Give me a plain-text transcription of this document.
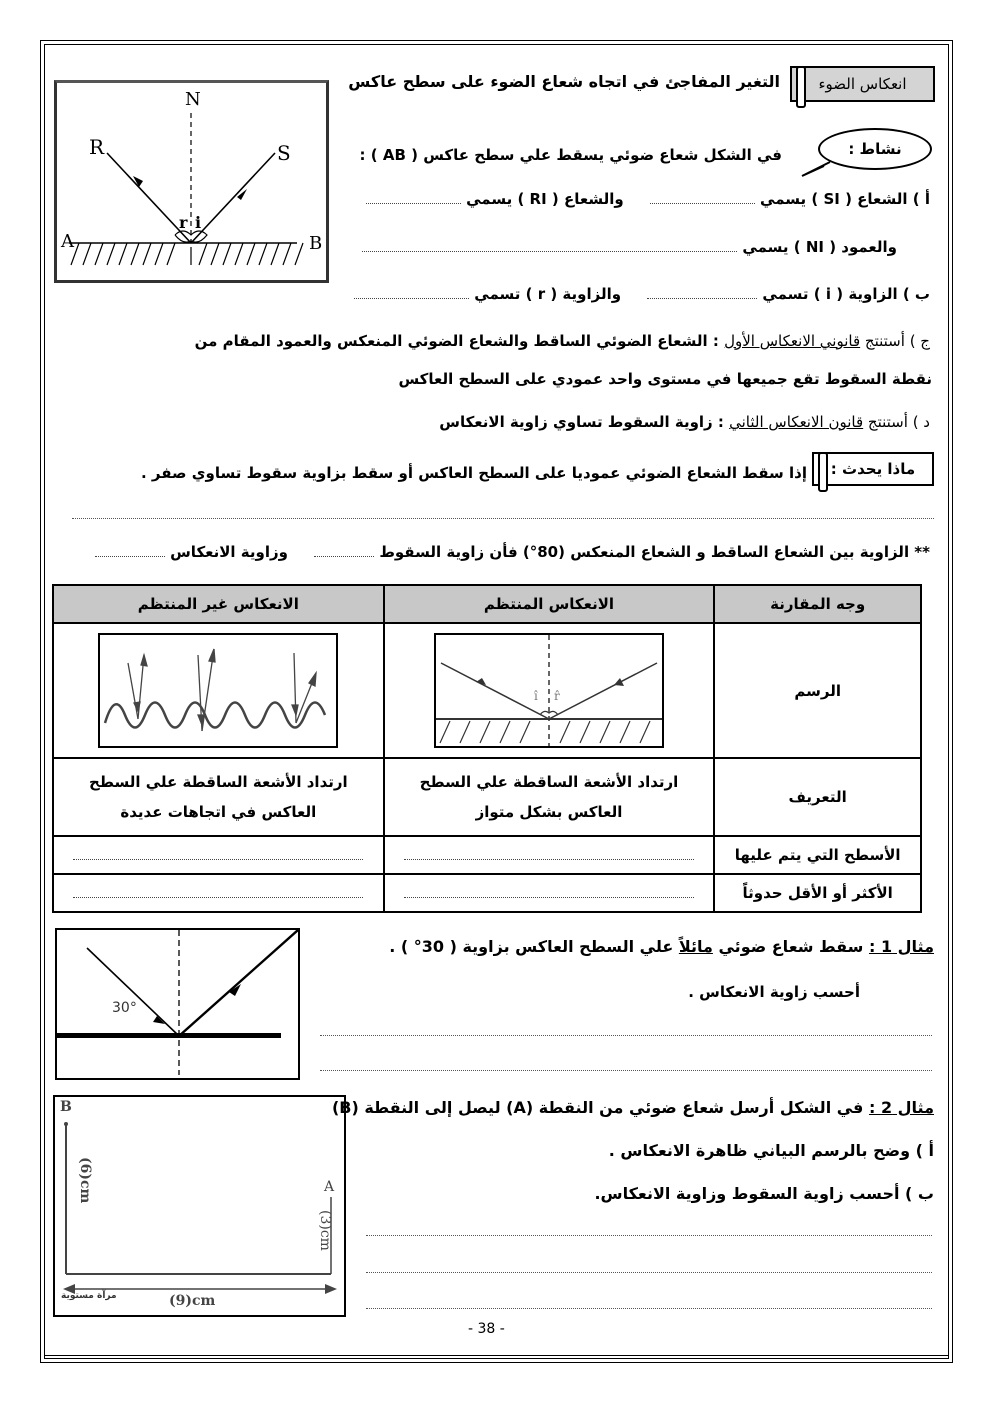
N
R	S
A	B
r i
انعكاس الضوء
التغير المفاجئ في اتجاه شعاع الضوء على سطح عاكس
نشاط :
في الشكل شعاع ضوئي يسقط علي سطح عاكس ( AB ) :
أ ) الشعاع ( SI ) يسمي      والشعاع ( RI ) يسمي
والعمود ( NI ) يسمي
ب ) الزاوية ( i ) تسمي      والزاوية ( r ) تسمي
ج ) أستنتج قانوني الانعكاس الأول : الشعاع الضوئي الساقط والشعاع الضوئي المنعكس والعمود المقام من
نقطة السقوط تقع جميعها في مستوى واحد عمودي على السطح العاكس
د ) أستنتج قانون الانعكاس الثاني : زاوية السقوط تساوي زاوية الانعكاس
ماذا يحدث :
إذا سقط الشعاع الضوئي عموديا على السطح العاكس أو سقط بزاوية سقوط تساوي صفر .
** الزاوية بين الشعاع الساقط و الشعاع المنعكس (80°) فأن زاوية السقوط      وزاوية الانعكاس
وجه المقارنة	الانعكاس المنتظم	الانعكاس غير المنتظم
الرسم	î r̂

التعريف	ارتداد الأشعة الساقطة علي السطح العاكس بشكل متواز	ارتداد الأشعة الساقطة علي السطح العاكس في اتجاهات عديدة
الأسطح التي يتم عليها		
الأكثر أو الأقل حدوثاً		
30°
مثال 1 : سقط شعاع ضوئي مائلاً علي السطح العاكس بزاوية ( 30° ) .
أحسب زاوية الانعكاس .
B
A
(6)cm
(3)cm
(9)cm
مرآة مستوية
مثال 2 : في الشكل أرسل شعاع ضوئي من النقطة (A) ليصل إلى النقطة (B)
أ ) وضح بالرسم البياني ظاهرة الانعكاس .
ب ) أحسب زاوية السقوط وزاوية الانعكاس.
- 38 -
